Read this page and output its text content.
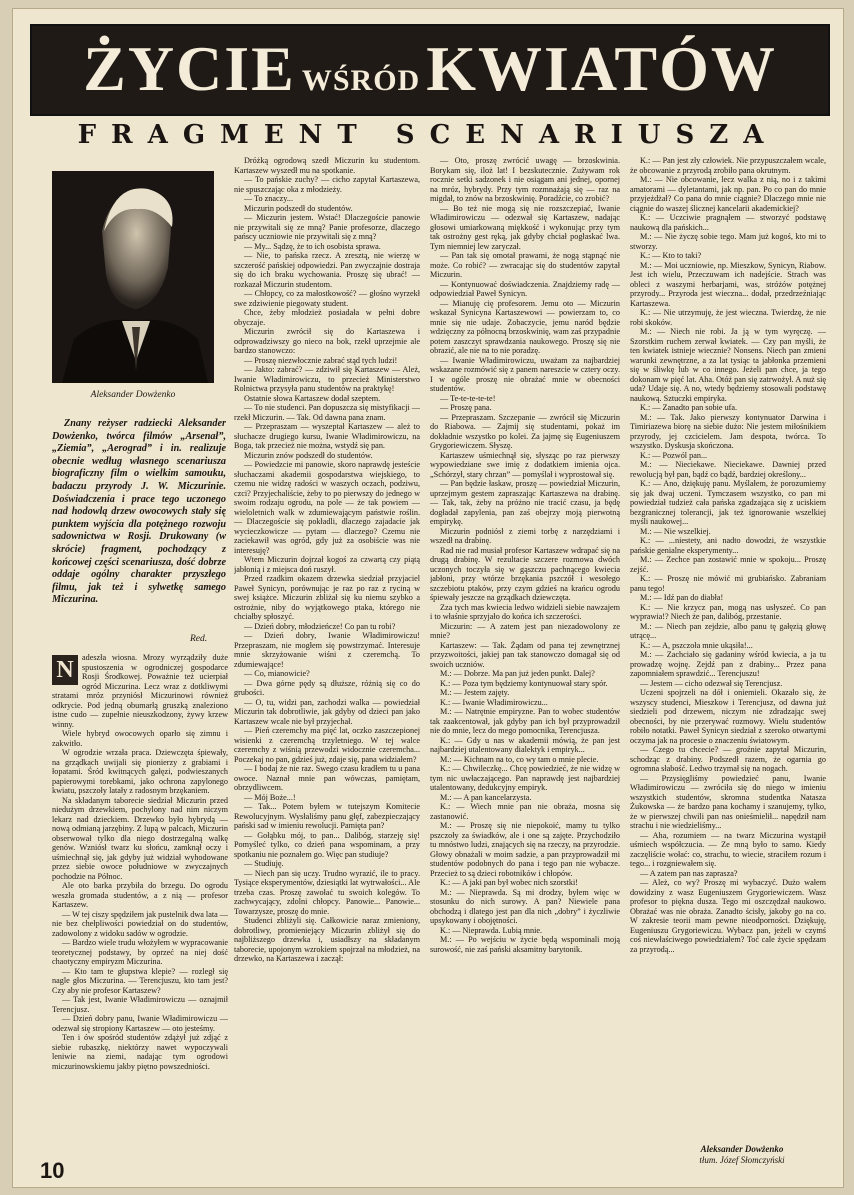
ŻYCIE WŚRÓDKWIATÓW
FRAGMENT SCENARIUSZA
Aleksander Dowżenko
Znany reżyser radziecki Aleksander Dowżenko, twórca filmów „Arsenał”, „Ziemia”, „Aerograd” i in. realizuje obecnie według własnego scenariusza biograficzny film o wielkim samouku, badaczu przyrody J. W. Miczurinie. Doświadczenia i prace tego uczonego nad hodowlą drzew owocowych stały się punktem wyjścia dla potężnego rozwoju sadownictwa w Rosji. Drukowany (w skrócie) fragment, pochodzący z końcowej części scenariusza, dość dobrze oddaje ogólny charakter przyszłego filmu, jak też i sylwetkę samego Miczurina.
Red.
N	adeszła wiosna. Mrozy wyrządziły duże spustoszenia w ogrodniczej gospodarce Rosji Środkowej. Poważnie też ucierpiał ogród Miczurina. Lecz wraz z dotkliwymi stratami mróz przyniósł Miczurinowi również odkrycie. Pod jedną obumarłą gruszką znaleziono istne cudo — zupełnie nieuszkodzony, żywy krzew winny.

Wiele hybryd owocowych oparło się zimnu i zakwitło.

W ogrodzie wrzała praca. Dziewczęta śpiewały, na grządkach uwijali się pionierzy z grabiami i łopatami. Śród kwitnących gałęzi, podwieszanych papierowymi torebkami, jako ochrona zapylonego kwiatu, pszczoły latały z radosnym brzękaniem.

Na składanym taborecie siedział Miczurin przed niedużym drzewkiem, pochylony nad nim niczym lekarz nad dzieckiem. Drzewko było hybrydą — nową odmianą jarzębiny. Z lupą w palcach, Miczurin obserwował tylko dla niego dostrzegalną walkę genów. Wzniósł twarz ku słońcu, zamknął oczy i uśmiechnął się, jak gdyby już widział wyhodowane przez siebie owoce południowe w zwyczajnych pochodzie na Północ.

Ale oto barka przybiła do brzegu. Do ogrodu weszła gromada studentów, a z nią — profesor Kartaszew.

— W tej ciszy spędziłem jak pustelnik dwa lata — nie bez chełpliwości powiedział on do studentów, zadowolony z widoku sadów w ogrodzie.

— Bardzo wiele trudu włożyłem w wypracowanie teoretycznej podstawy, by oprzeć na niej dość chaotyczny empiryzm Miczurina.

— Kto tam te głupstwa klepie? — rozległ się nagle głos Miczurina. — Terencjuszu, kto tam jest? Czy aby nie profesor Kartaszew?

— Tak jest, Iwanie Władimirowiczu — oznajmił Terencjusz.

— Dzień dobry panu, Iwanie Władimirowiczu — odezwał się stropiony Kartaszew — oto jesteśmy.

Ten i ów spośród studentów zdążył już zdjąć z siebie rubaszkę, niektórzy nawet wypoczywali leniwie na ziemi, nadając tym ogrodowi miczurinowskiemu jakby piętno powszedniości.

Dróżką ogrodową szedł Miczurin ku studentom. Kartaszew wyszedł mu na spotkanie.

— To pańskie zuchy? — cicho zapytał Kartaszewa, nie spuszczając oka z młodzieży.

— To znaczy...

Miczurin podszedł do studentów.

— Miczurin jestem. Wstać! Dlaczegoście panowie nie przywitali się ze mną? Panie profesorze, dlaczego pańscy uczniowie nie przywitali się z mną?

— My... Sądzę, że to ich osobista sprawa.

— Nie, to pańska rzecz. A zresztą, nie wierzę w szczerość pańskiej odpowiedzi. Pan zwyczajnie dostraja się do ich braku wychowania. Proszę się ubrać! — rozkazał Miczurin studentom.

— Chłopcy, co za małostkowość? — głośno wyrzekł swe zdziwienie piegowaty student.

Chce, żeby młodzież posiadała w pełni dobre obyczaje.

Miczurin zwrócił się do Kartaszewa i odprowadziwszy go nieco na bok, rzekł uprzejmie ale bardzo stanowczo:

— Proszę niezwłocznie zabrać stąd tych ludzi!

— Jakto: zabrać? — zdziwił się Kartaszew — Ależ, Iwanie Władimirowiczu, to przecież Ministerstwo Rolnictwa przysyła panu studentów na praktykę!

Ostatnie słowa Kartaszew dodał szeptem.

— To nie studenci. Pan dopuszcza się mistyfikacji — rzekł Miczurin. — Tak. Od dawna pana znam.

— Przepraszam — wyszeptał Kartaszew — ależ to słuchacze drugiego kursu, Iwanie Władimirowiczu, na Boga, tak przecież nie można, wstydź się pan.

Miczurin znów podszedł do studentów.

— Powiedzcie mi panowie, skoro naprawdę jesteście słuchaczami akademii gospodarstwa wiejskiego, to czemu nie widzę radości w waszych oczach, podziwu, czci? Przyjechaliście, żeby to po pierwszy do jednego w swoim rodzaju ogrodu, na pole — że tak powiem — wieloletnich walk w zdumiewającym państwie roślin. — Dlaczegoście się pokładli, dlaczego zajadacie jak wycieczkowicze — pytam — dlaczego? Czemu nie zaciekawił was ogród, gdy już za osobiście was nie interesuję?

Wtem Miczurin dojrzał kogoś za czwartą czy piątą jabłonią i z miejsca doń ruszył.

Przed rzadkim okazem drzewka siedział przyjaciel Paweł Synicyn, porównując je raz po raz z ryciną w swej książce. Miczurin zbliżał się ku niemu szybko a ostrożnie, niby do wyjątkowego ptaka, którego nie chciałby spłoszyć.

— Dzień dobry, młodzieńcze! Co pan tu robi?

— Dzień dobry, Iwanie Władimirowiczu! Przepraszam, nie mogłem się powstrzymać. Interesuje mnie skrzyżowanie wiśni z czeremchą. To zdumiewające!

— Co, mianowicie?

— Dwa górne pędy są dłuższe, różnią się co do grubości.

— O, tu, widzi pan, zachodzi walka — powiedział Miczurin tak dobrotliwie, jak gdyby od dzieci pan jako Kartaszew wcale nie był przyjechał.

— Pień czeremchy ma pięć lat, oczko zaszczepionej wisienki z czeremchą trzyletniego. W tej walce czeremchy z wiśnią przewodzi widocznie czeremcha... Poczekaj no pan, gdzieś już, zdaje się, pana widziałem?

— I bodaj że nie raz. Swego czasu kradłem tu u pana owoce. Naznał mnie pan wówczas, pamiętam, obrzydliwcem.

— Mój Boże...!

— Tak... Potem byłem w tutejszym Komitecie Rewolucyjnym. Wysłaliśmy panu głęf, zabezpieczający pański sad w imieniu rewolucji. Pamięta pan?

— Gołąbku mój, to pan... Dalibóg, starzeję się! Pomyśleć tylko, co dzień pana wspominam, a przy spotkaniu nie poznałem go. Więc pan studiuje?

— Studiuję.

— Niech pan się uczy. Trudno wyrazić, ile to pracy. Tysiące eksperymentów, dziesiątki lat wytrwałości... Ale trzeba czas. Proszę zawołać tu swoich kolegów. To zachwycający, zdolni chłopcy. Panowie... Panowie... Towarzysze, proszę do mnie.

Studenci zbliżyli się. Całkowicie naraz zmieniony, dobrotliwy, promieniejący Miczurin zbliżył się do najbliższego drzewka i, usiadłszy na składanym taborecie, upojonym wzrokiem spojrzał na młodzież, na drzewko, na Kartaszewa i zaczął:

— Oto, proszę zwrócić uwagę — brzoskwinia. Borykam się, iloż lat! I bezskutecznie. Zużywam rok rocznie setki sadzonek i nie osiągam ani jednej, opornej na mróz, hybrydy. Przy tym rozmnażają się — raz na migdał, to znów na brzoskwinię. Poradźcie, co zrobić?

— Bo też nie mogą się nie rozszczepiać, Iwanie Władimirowiczu — odezwał się Kartaszew, nadając głosowi umiarkowaną miękkość i wykonując przy tym tak ostrożny gest ręką, jak gdyby chciał pogłaskać lwa. Tym niemniej lew zaryczał.

— Pan tak się omotał prawami, że nogą stąpnąć nie może. Co robić? — zwracając się do studentów zapytał Miczurin.

— Kontynuować doświadczenia. Znajdziemy radę — odpowiedział Paweł Synicyn.

— Mianuję cię profesorem. Jemu oto — Miczurin wskazał Synicyna Kartaszewowi — powierzam to, co mnie się nie udaje. Zobaczycie, jemu naród będzie wdzięczny za północną brzoskwinię, wam zaś przypadnie potem zaszczyt sprawdzania naukowego. Proszę się nie obrazić, ale nie na to nie poradzę.

— Iwanie Władimirowiczu, uważam za najbardziej wskazane rozmówić się z panem nareszcie w cztery oczy. I w ogóle proszę nie obrażać mnie w obecności studentów.

— Te-te-te-te-te!

— Proszę pana.

— Przepraszam. Szczepanie — zwrócił się Miczurin do Riabowa. — Zajmij się studentami, pokaż im dokładnie wszystko po kolei. Za jajmę się Eugeniuszem Grygoriewiczem. Słyszę.

Kartaszew uśmiechnął się, słysząc po raz pierwszy wypowiedziane swe imię z dodatkiem imienia ojca. „Schórzył, stary chrzan” — pomyślał i wyprostował się.

— Pan będzie łaskaw, proszę — powiedział Miczurin, uprzejmym gestem zapraszając Kartaszewa na drabinę. — Tak, tak, żeby na próżno nie tracić czasu, ja będę dogładał zapylenia, pan zaś obejrzy moją pierwotną empirykę.

Miczurin podniósł z ziemi torbę z narzędziami i wszedł na drabinę.

Rad nie rad musiał profesor Kartaszew wdrapać się na drugą drabinę. W rezultacie szczere rozmowa dwóch uczonych toczyła się w gąszczu pachnącego kwiecia jabłoni, przy wtórze brzękania pszczół i wesołego szczebiotu ptaków, przy czym gdzieś na krańcu ogrodu śpiewały jeszcze na grządkach dziewczęta.

Zza tych mas kwiecia ledwo widzieli siebie nawzajem i to właśnie sprzyjało do końca ich szczerości.

Miczurin: — A zatem jest pan niezadowolony ze mnie?

Kartaszew: — Tak. Żądam od pana tej zewnętrznej przyzwoitości, jakiej pan tak stanowczo domagał się od swoich uczniów.

M.: — Dobrze. Ma pan już jeden punkt. Dalej?

K.: — Poza tym będziemy kontynuował stary spór.

M.: — Jestem zajęty.

K.: — Iwanie Władimirowiczu...

M.: — Natrętnie empiryzne. Pan to wobec studentów tak zaakcentował, jak gdyby pan ich był przyprowadził nie do mnie, lecz do mego pomocnika, Terencjusza.

K.: — Gdy u nas w akademii mówią, że pan jest najbardziej utalentowany dialektyk i empiryk...

M.: — Kichnam na to, co wy tam o mnie plecie.

K.: — Chwileczkę... Chcę powiedzieć, że nie widzę w tym nic uwłaczającego. Pan naprawdę jest najbardziej utalentowany, dedukcyjny empiryk.

M.: — A pan kancelarzysta.

K.: — Wiech mnie pan nie obraża, mosna się zastanowić.

M.: — Proszę się nie niepokoić, mamy tu tylko pszczoły za świadków, ale i one są zajęte. Przychodziło tu mnóstwo ludzi, znających się na rzeczy, na przyrodzie. Głowy obnażali w moim sadzie, a pan przyprowadził mi studentów podobnych do pana i tego pan nie wybacze. Przecież to są dzieci robotników i chłopów.

K.: — A jaki pan był wobec nich szorstki!

M.: — Nieprawda. Są mi drodzy, byłem więc w stosunku do nich surowy. A pan? Niewiele pana obchodzą i dlatego jest pan dla nich „dobry” i życzliwie upsykowany i obojętności.

K.: — Nieprawda. Lubią mnie.

M.: — Po wejściu w życie będą wspominali moją surowość, nie zaś pański aksamitny barytonik.

K.: — Pan jest zły człowiek. Nie przypuszczałem wcale, że obcowanie z przyrodą zrobiło pana okrutnym.

M.: — Nie obcowanie, lecz walka z nią, no i z takimi amatorami — dyletantami, jak np. pan. Po co pan do mnie przyjeżdżał? Co pana do mnie ciągnie? Dlaczego mnie nie ciągnie do waszej ślicznej kancelarii akademickiej?

K.: — Uczciwie pragnąłem — stworzyć podstawę naukową dla pańskich...

M.: — Nie życzę sobie tego. Mam już kogoś, kto mi to stworzy.

K.: — Kto to taki?

M.: — Moi uczniowie, np. Mieszkow, Synicyn, Riabow. Jest ich wielu, Przeczuwam ich nadejście. Strach was obleci z waszymi herbarjami, was, stróżów potężnej przyrody... Przyroda jest wieczna... dodał, przedrzeźniając Kartaszewa.

K.: — Nie utrzymuję, że jest wieczna. Twierdzę, że nie robi skoków.

M.: — Niech nie robi. Ja ją w tym wyręczę. — Szorstkim ruchem zerwał kwiatek. — Czy pan myśli, że ten kwiatek istnieje wiecznie? Nonsens. Niech pan zmieni warunki zewnętrzne, a za lat tysiąc ta jabłonka przemieni się w śliwkę lub w co innego. Jeżeli pan chce, ja tego dokonam w pięć lat. Aha. Otóż pan się zatrwożył. A nuż się uda? Udaje się. A no, wtedy będziemy stosowali podstawę naukową. Sztuczki empiryka.

K.: — Zanadto pan sobie ufa.

M.: — Tak. Jako pierwszy kontynuator Darwina i Timiriazewa biorę na siebie dużo: Nie jestem miłośnikiem przyrody, jej czcicielem. Jam despota, twórca. To wszystko. Dyskusja skończona.

K.: — Pozwól pan...

M.: — Nieciekawe. Nieciekawe. Dawniej przed rewolucją był pan, bądź co bądź, bardziej określony...

K.: — Ano, dziękuję panu. Myślałem, że porozumiemy się jak dwaj uczeni. Tymczasem wszystko, co pan mi powiedział tudzież cała pańska zgadzająca się z uciskiem bezgranicznej tolerancji, jak też ignorowanie wszelkiej myśli naukowej...

M.: — Nie wszelkiej.

K.: — ...niestety, ani nadto dowodzi, że wszystkie pańskie genialne eksperymenty...

M.: — Zechce pan zostawić mnie w spokoju... Proszę zejść.

K.: — Proszę nie mówić mi grubiańsko. Zabraniam panu tego!

M.: — Idź pan do diabła!

K.: — Nie krzycz pan, mogą nas usłyszeć. Co pan wyprawia!? Niech że pan, dalibóg, przestanie.

M.: — Niech pan zejdzie, albo panu tę gałęzią głowę utrącę...

K.: — A, pszczoła mnie ukąsiła!...

M.: — Zachciało się gadaniny wśród kwiecia, a ja tu prowadzę wojnę. Zejdź pan z drabiny... Przez pana zapomniałem sprawdzić... Terencjuszu!

— Jestem — cicho odezwał się Terencjusz.

Uczeni spojrzeli na dół i oniemieli. Okazało się, że wszyscy studenci, Mieszkow i Terencjusz, od dawna już siedzieli pod drzewem, niczym nie zdradzając swej obecności, by nie przerywać rozmowy. Wielu studentów robiło notatki. Paweł Synicyn siedział z szeroko otwartymi oczyma jak na procesie o znaczeniu światowym.

— Czego tu chcecie? — groźnie zapytał Miczurin, schodząc z drabiny. Podszedł razem, że ogarnia go ogromna słabość. Ledwo trzymał się na nogach.

— Przysięgliśmy powiedzieć panu, Iwanie Władimirowiczu — zwróciła się do niego w imieniu wszystkich studentów, skromna studentka Natasza Żukowska — że bardzo pana kochamy i szanujemy, tylko, że w pierwszej chwili pan nas onieśmielił... napędził nam strachu i nie wiedzieliśmy...

— Aha, rozumiem — na twarz Miczurina wystąpił uśmiech współczucia. — Ze mną było to samo. Kiedy zaczęliście wołać: co, strachu, to wiecie, straciłem rozum i tego... i rozgniewałem się.

— A zatem pan nas zaprasza?

— Ależ, co wy? Proszę mi wybaczyć. Dużo wałem dowidziny z wasz Eugeniuszem Grygoriewiczem. Wasz profesor to piękna dusza. Tego mi oszczędzał naukowo. Obrażać was nie obraża. Zanadto ścisły, jakoby go na co. W zakresie teorii mam pewne nieodporności. Dziękuję, Eugeniuszu Grygoriewiczu. Wybacz pan, jeżeli w czymś coś niewłaściwego powiedziałem? Toć cale życie spędzam za przyrodą...

Aleksander Dowżenko
tłum. Józef Słomczyński
10
